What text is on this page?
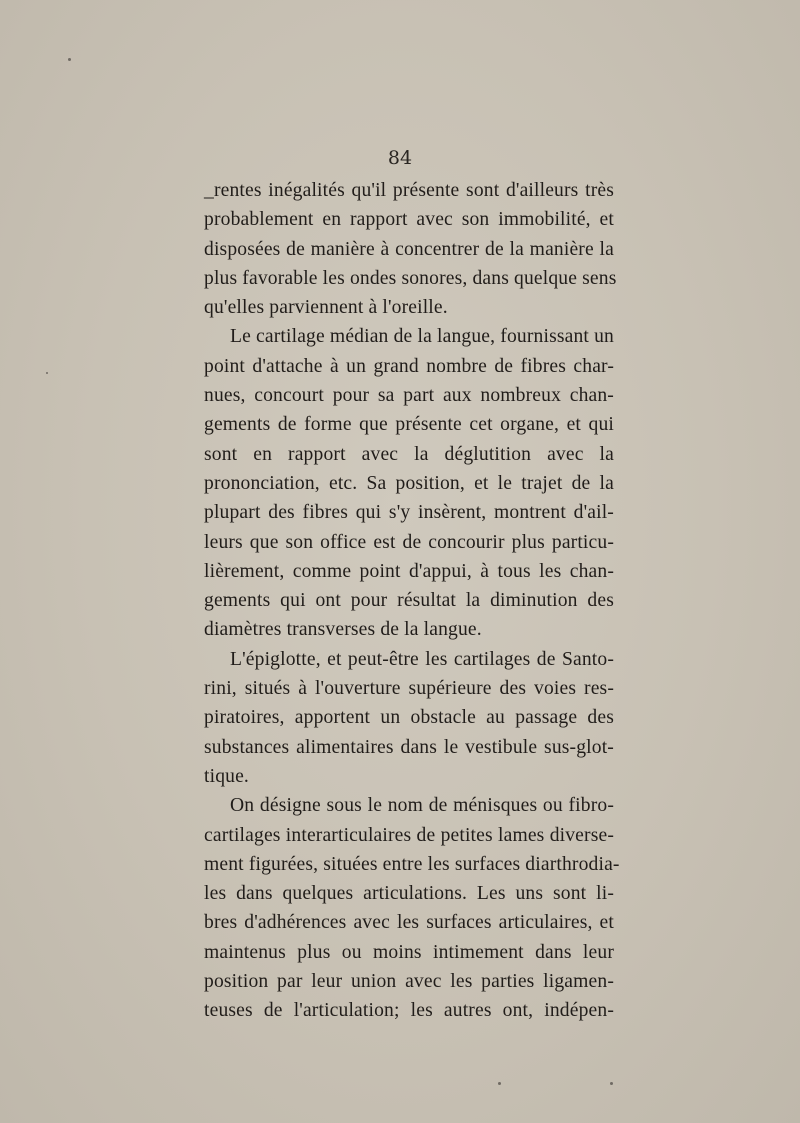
84
_rentes inégalités qu'il présente sont d'ailleurs très
probablement en rapport avec son immobilité, et
disposées de manière à concentrer de la manière la
plus favorable les ondes sonores, dans quelque sens
qu'elles parviennent à l'oreille.
Le cartilage médian de la langue, fournissant un
point d'attache à un grand nombre de fibres char-
nues, concourt pour sa part aux nombreux chan-
gements de forme que présente cet organe, et qui
sont en rapport avec la déglutition avec la
prononciation, etc. Sa position, et le trajet de la
plupart des fibres qui s'y insèrent, montrent d'ail-
leurs que son office est de concourir plus particu-
lièrement, comme point d'appui, à tous les chan-
gements qui ont pour résultat la diminution des
diamètres transverses de la langue.
L'épiglotte, et peut-être les cartilages de Santo-
rini, situés à l'ouverture supérieure des voies res-
piratoires, apportent un obstacle au passage des
substances alimentaires dans le vestibule sus-glot-
tique.
On désigne sous le nom de ménisques ou fibro-
cartilages interarticulaires de petites lames diverse-
ment figurées, situées entre les surfaces diarthrodia-
les dans quelques articulations. Les uns sont li-
bres d'adhérences avec les surfaces articulaires, et
maintenus plus ou moins intimement dans leur
position par leur union avec les parties ligamen-
teuses de l'articulation; les autres ont, indépen-
